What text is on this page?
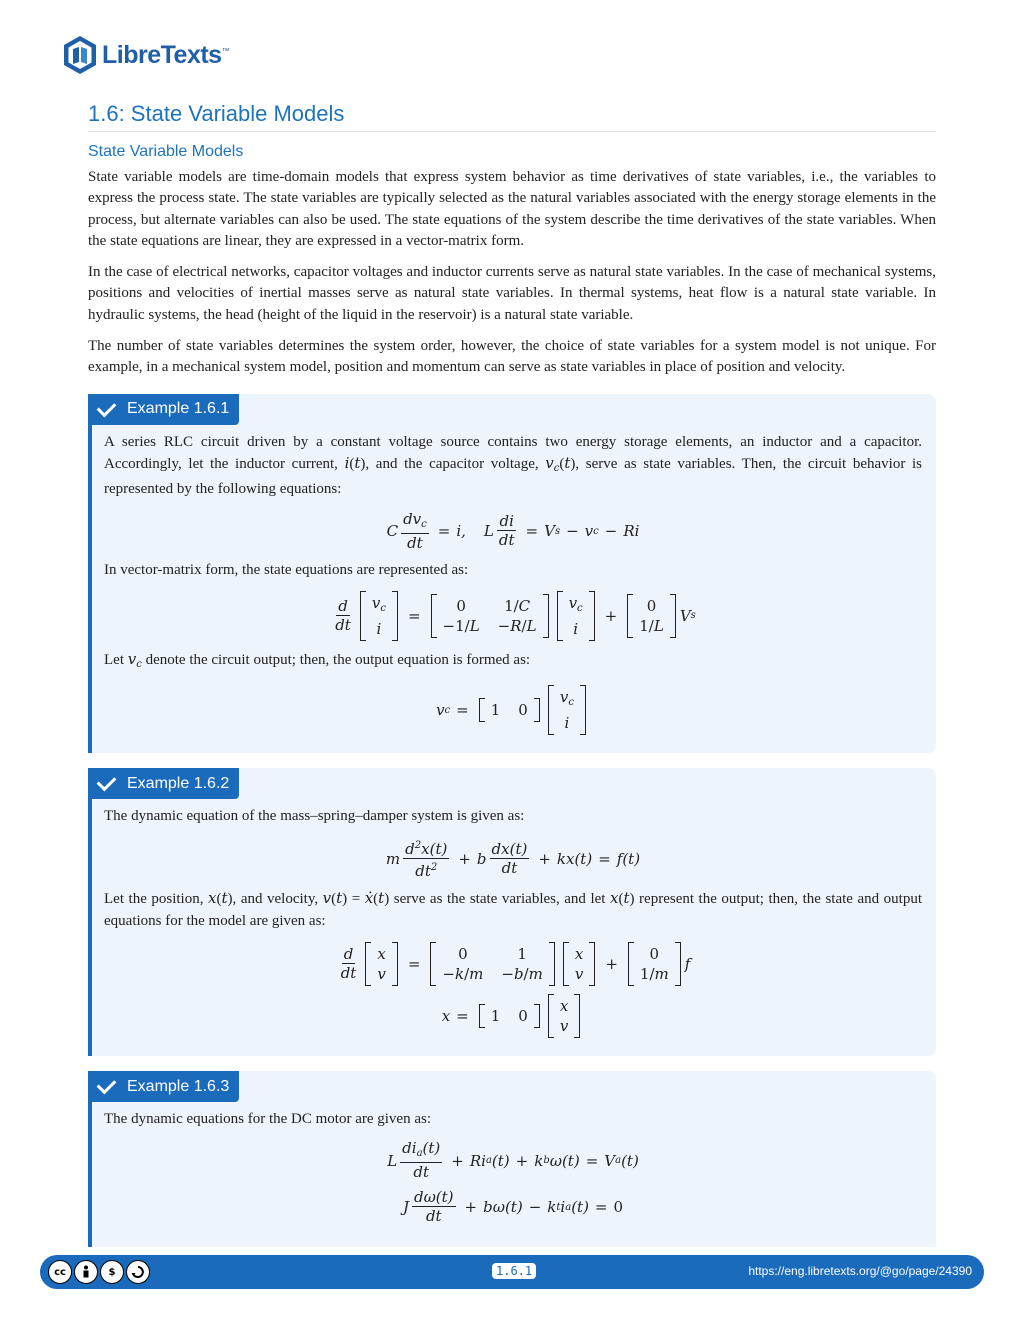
LibreTexts™
1.6: State Variable Models
State Variable Models

State variable models are time-domain models that express system behavior as time derivatives of state variables, i.e., the variables to express the process state. The state variables are typically selected as the natural variables associated with the energy storage elements in the process, but alternate variables can also be used. The state equations of the system describe the time derivatives of the state variables. When the state equations are linear, they are expressed in a vector-matrix form.

In the case of electrical networks, capacitor voltages and inductor currents serve as natural state variables. In the case of mechanical systems, positions and velocities of inertial masses serve as natural state variables. In thermal systems, heat flow is a natural state variable. In hydraulic systems, the head (height of the liquid in the reservoir) is a natural state variable.

The number of state variables determines the system order, however, the choice of state variables for a system model is not unique. For example, in a mechanical system model, position and momentum can serve as state variables in place of position and velocity.

Example 1.6.1

A series RLC circuit driven by a constant voltage source contains two energy storage elements, an inductor and a capacitor. Accordingly, let the inductor current, i(t), and the capacitor voltage, $v_c(t)$, serve as state variables. Then, the circuit behavior is represented by the following equations:

C $\frac{dv_c}{dt} = i$, L $\frac{di}{dt} = V$ s − v c − Ri

In vector-matrix form, the state equations are represented as:

$\frac{d}{dt} v_c$
i
=
0	1/C
−1/L −R/L
$v_c$
i
+
0
1/L
V s

Let $v_c$ denote the circuit output; then, the output equation is formed as:

v c = 1 0
$v_c$
i
Example 1.6.2

The dynamic equation of the mass–spring–damper system is given as:

m $\frac{d^2x(t)}{dt^2} + b \frac{dx(t)}{dt} + kx(t) = f(t)$

Let the position, x(t), and velocity, v(t) = ẋ(t) serve as the state variables, and let x(t) represent the output; then, the state and output equations for the model are given as:

$\frac{d}{dt}$ x
v
=
0	1
−k/m −b/m
x
v
+
0
1/m
f
x = 1 0
x
v
Example 1.6.3

The dynamic equations for the DC motor are given as:

L $\frac{di_a(t)}{dt} + Ri$ a (t) + k b ω(t) = V a (t)
J $\frac{d\omega(t)}{dt} + b\omega(t) - k$ t i a (t) = 0
cc	$	1.6.1	https://eng.libretexts.org/@go/page/24390
